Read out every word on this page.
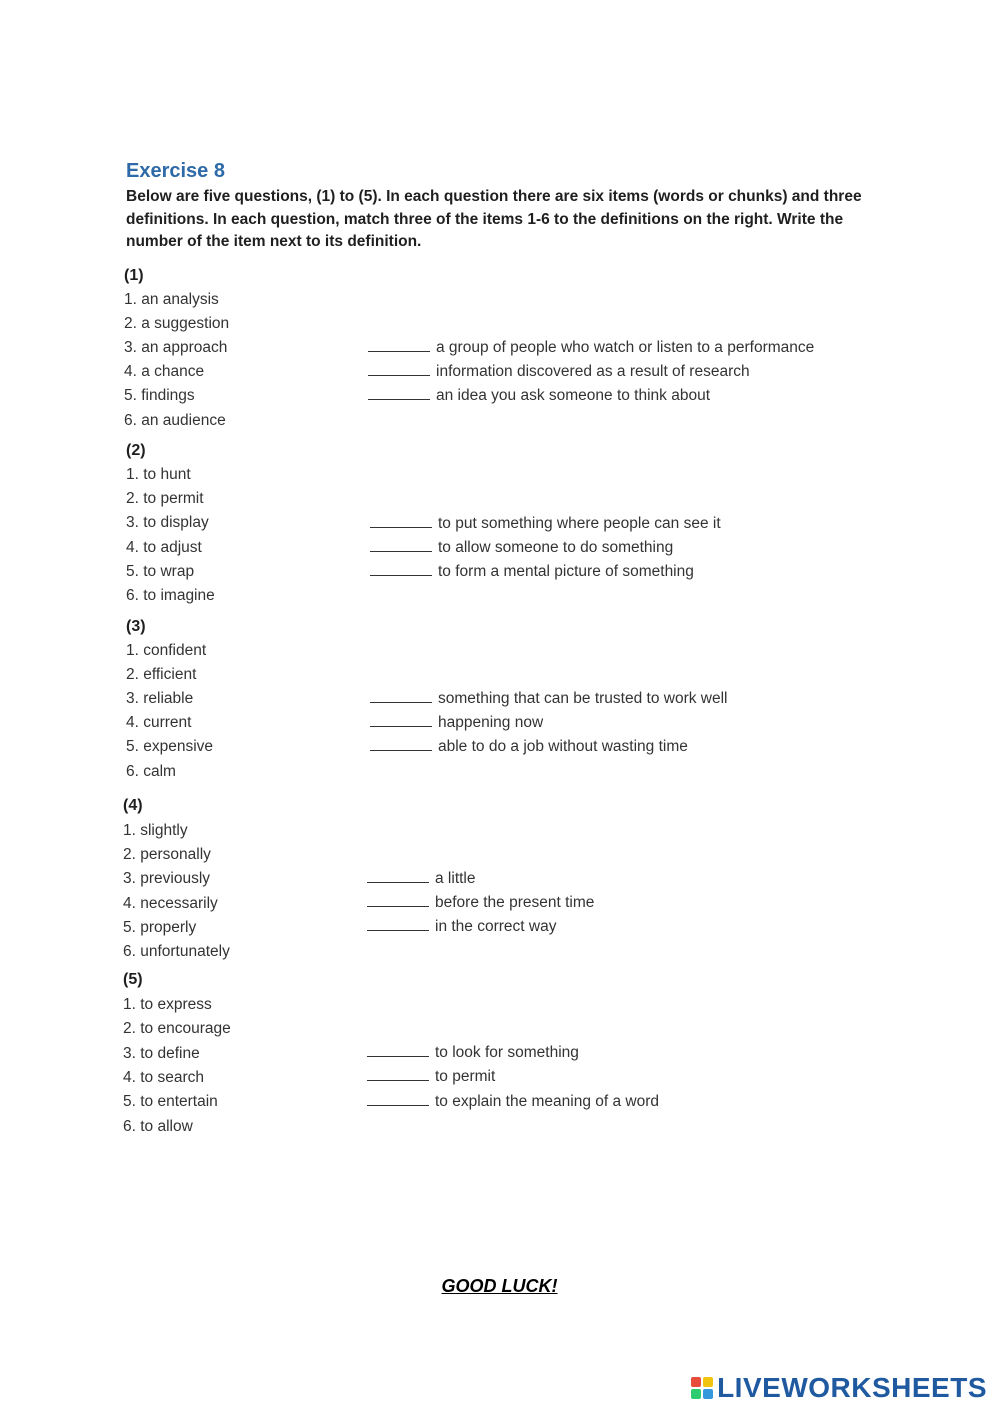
Exercise 8
Below are five questions, (1) to (5). In each question there are six items (words or chunks) and three definitions. In each question, match three of the items 1-6 to the definitions on the right. Write the number of the item next to its definition.
(1)
1. an analysis
2. a suggestion
3. an approach
4. a chance
5. findings
6. an audience
a group of people who watch or listen to a performance
information discovered as a result of research
an idea you ask someone to think about
(2)
1. to hunt
2. to permit
3. to display
4. to adjust
5. to wrap
6. to imagine
to put something where people can see it
to allow someone to do something
to form a mental picture of something
(3)
1. confident
2. efficient
3. reliable
4. current
5. expensive
6. calm
something that can be trusted to work well
happening now
able to do a job without wasting time
(4)
1. slightly
2. personally
3. previously
4. necessarily
5. properly
6. unfortunately
a little
before the present time
in the correct way
(5)
1. to express
2. to encourage
3. to define
4. to search
5. to entertain
6. to allow
to look for something
to permit
to explain the meaning of a word
GOOD LUCK!
LIVEWORKSHEETS
